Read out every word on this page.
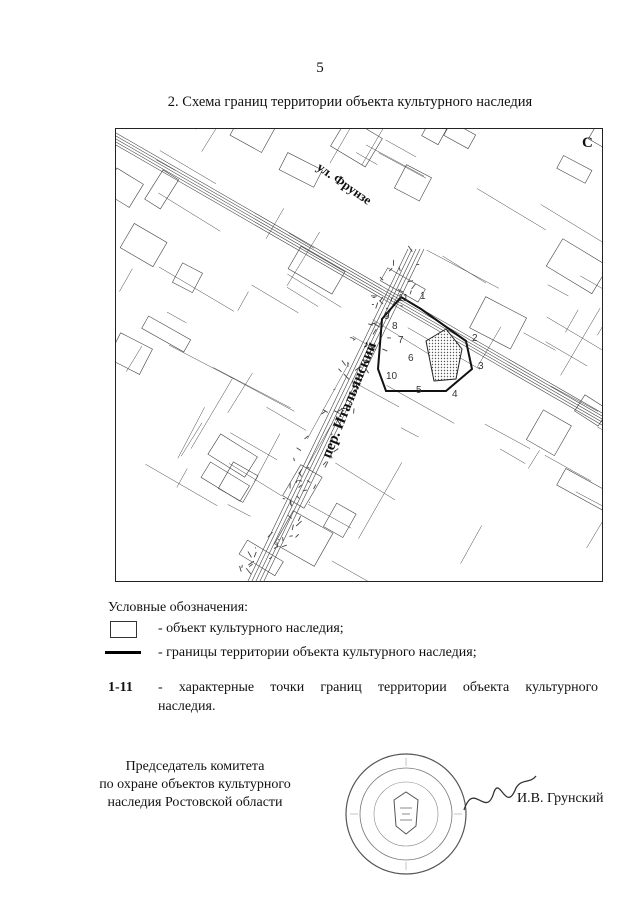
5
2. Схема границ территории объекта культурного наследия
С
ул. Фрунзе
пер. Итальянский
1
2
3
4
5
6
7
8
9
10
11
Условные обозначения:
- объект культурного наследия;
- границы территории объекта культурного наследия;
1-11 - характерные точки границ территории объекта культурного
наследия.
Председатель комитета
по охране объектов культурного
наследия Ростовской области	И.В. Грунский
